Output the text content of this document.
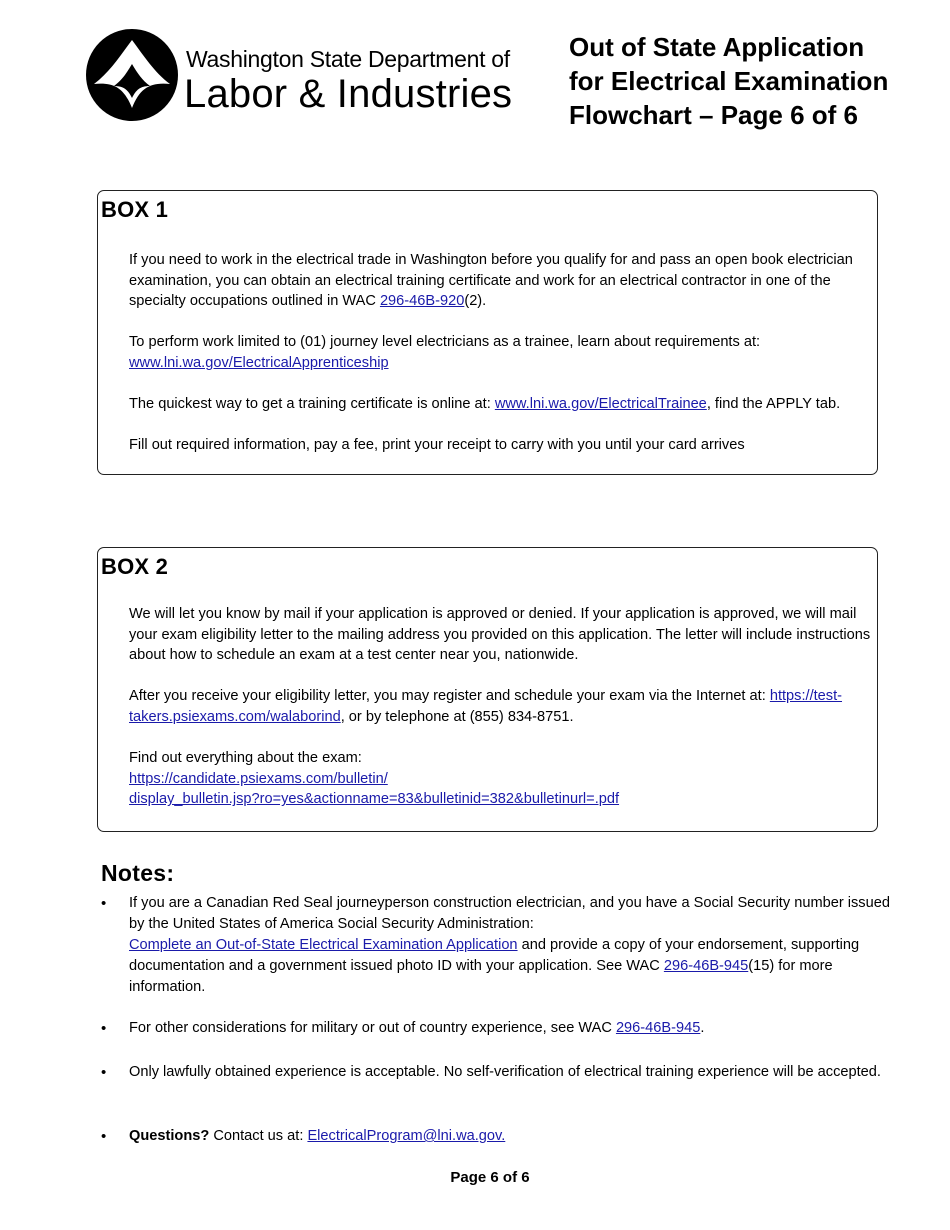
Washington State Department of
Labor & Industries
Out of State Application
for Electrical Examination
Flowchart – Page 6 of 6
BOX 1

If you need to work in the electrical trade in Washington before you qualify for and pass an open book electrician examination, you can obtain an electrical training certificate and work for an electrical contractor in one of the specialty occupations outlined in WAC 296-46B-920(2).

To perform work limited to (01) journey level electricians as a trainee, learn about requirements at: www.lni.wa.gov/ElectricalApprenticeship

The quickest way to get a training certificate is online at: www.lni.wa.gov/ElectricalTrainee, find the APPLY tab.

Fill out required information, pay a fee, print your receipt to carry with you until your card arrives

BOX 2

We will let you know by mail if your application is approved or denied. If your application is approved, we will mail your exam eligibility letter to the mailing address you provided on this application. The letter will include instructions about how to schedule an exam at a test center near you, nationwide.

After you receive your eligibility letter, you may register and schedule your exam via the Internet at: https://test-takers.psiexams.com/walaborind, or by telephone at (855) 834-8751.

Find out everything about the exam:
https://candidate.psiexams.com/bulletin/
display_bulletin.jsp?ro=yes&actionname=83&bulletinid=382&bulletinurl=.pdf

Notes:
• If you are a Canadian Red Seal journeyperson construction electrician, and you have a Social Security number issued by the United States of America Social Security Administration:
Complete an Out-of-State Electrical Examination Application and provide a copy of your endorsement, supporting documentation and a government issued photo ID with your application. See WAC 296-46B-945(15) for more information.
• For other considerations for military or out of country experience, see WAC 296-46B-945.
• Only lawfully obtained experience is acceptable. No self-verification of electrical training experience will be accepted.
• Questions? Contact us at: ElectricalProgram@lni.wa.gov.
Page 6 of 6
